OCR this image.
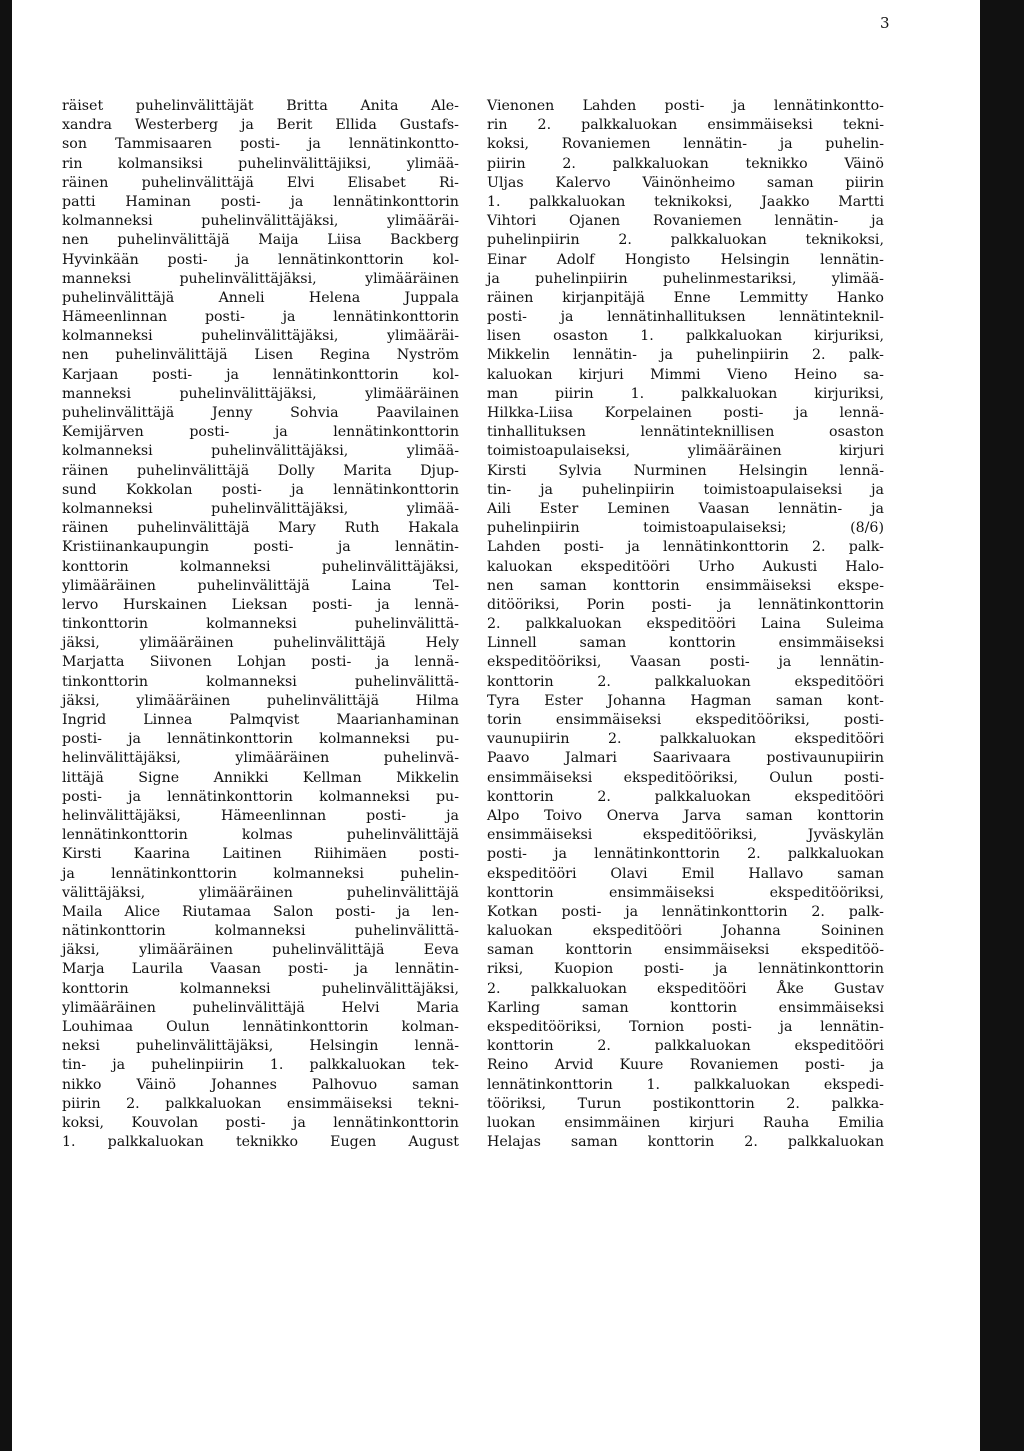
3
räiset puhelinvälittäjät Britta Anita Ale-
xandra Westerberg ja Berit Ellida Gustafs-
son Tammisaaren posti- ja lennätinkontto-
rin kolmansiksi puhelinvälittäjiksi, ylimää-
räinen puhelinvälittäjä Elvi Elisabet Ri-
patti Haminan posti- ja lennätinkonttorin
kolmanneksi	puhelinvälittäjäksi,	ylimääräi-
nen puhelinvälittäjä Maija Liisa Backberg
Hyvinkään posti- ja lennätinkonttorin kol-
manneksi	puhelinvälittäjäksi,	ylimääräinen
puhelinvälittäjä	Anneli	Helena	Juppala
Hämeenlinnan	posti-	ja	lennätinkonttorin
kolmanneksi	puhelinvälittäjäksi,	ylimääräi-
nen puhelinvälittäjä Lisen Regina Nyström
Karjaan posti- ja lennätinkonttorin kol-
manneksi	puhelinvälittäjäksi,	ylimääräinen
puhelinvälittäjä	Jenny	Sohvia	Paavilainen
Kemijärven	posti-	ja	lennätinkonttorin
kolmanneksi	puhelinvälittäjäksi,	ylimää-
räinen puhelinvälittäjä Dolly Marita Djup-
sund Kokkolan posti- ja lennätinkonttorin
kolmanneksi	puhelinvälittäjäksi,	ylimää-
räinen puhelinvälittäjä Mary Ruth Hakala
Kristiinankaupungin	posti-	ja	lennätin-
konttorin	kolmanneksi	puhelinvälittäjäksi,
ylimääräinen	puhelinvälittäjä	Laina	Tel-
lervo Hurskainen Lieksan posti- ja lennä-
tinkonttorin	kolmanneksi	puhelinvälittä-
jäksi,	ylimääräinen	puhelinvälittäjä	Hely
Marjatta Siivonen Lohjan posti- ja lennä-
tinkonttorin	kolmanneksi	puhelinvälittä-
jäksi,	ylimääräinen	puhelinvälittäjä	Hilma
Ingrid	Linnea	Palmqvist	Maarianhaminan
posti- ja lennätinkonttorin kolmanneksi pu-
helinvälittäjäksi,	ylimääräinen	puhelinvä-
littäjä Signe Annikki Kellman Mikkelin
posti- ja lennätinkonttorin kolmanneksi pu-
helinvälittäjäksi,	Hämeenlinnan	posti-	ja
lennätinkonttorin	kolmas	puhelinvälittäjä
Kirsti Kaarina Laitinen Riihimäen posti-
ja	lennätinkonttorin	kolmanneksi	puhelin-
välittäjäksi,	ylimääräinen	puhelinvälittäjä
Maila Alice Riutamaa Salon posti- ja len-
nätinkonttorin	kolmanneksi	puhelinvälittä-
jäksi,	ylimääräinen	puhelinvälittäjä	Eeva
Marja Laurila Vaasan posti- ja lennätin-
konttorin	kolmanneksi	puhelinvälittäjäksi,
ylimääräinen	puhelinvälittäjä	Helvi	Maria
Louhimaa Oulun lennätinkonttorin kolman-
neksi	puhelinvälittäjäksi,	Helsingin	lennä-
tin- ja puhelinpiirin 1. palkkaluokan tek-
nikko Väinö Johannes Palhovuo saman
piirin 2. palkkaluokan ensimmäiseksi tekni-
koksi, Kouvolan posti- ja lennätinkonttorin
1. palkkaluokan teknikko Eugen August
Vienonen Lahden posti- ja lennätinkontto-
rin 2. palkkaluokan ensimmäiseksi tekni-
koksi, Rovaniemen lennätin- ja puhelin-
piirin	2.	palkkaluokan	teknikko	Väinö
Uljas Kalervo Väinönheimo saman piirin
1. palkkaluokan teknikoksi, Jaakko Martti
Vihtori Ojanen Rovaniemen lennätin- ja
puhelinpiirin	2.	palkkaluokan	teknikoksi,
Einar Adolf Hongisto Helsingin lennätin-
ja puhelinpiirin puhelinmestariksi, ylimää-
räinen kirjanpitäjä Enne Lemmitty Hanko
posti- ja lennätinhallituksen lennätinteknil-
lisen osaston 1. palkkaluokan kirjuriksi,
Mikkelin lennätin- ja puhelinpiirin 2. palk-
kaluokan kirjuri Mimmi Vieno Heino sa-
man	piirin	1.	palkkaluokan	kirjuriksi,
Hilkka-Liisa Korpelainen posti- ja lennä-
tinhallituksen	lennätinteknillisen	osaston
toimistoapulaiseksi,	ylimääräinen	kirjuri
Kirsti Sylvia Nurminen Helsingin lennä-
tin- ja puhelinpiirin toimistoapulaiseksi ja
Aili Ester Leminen Vaasan lennätin- ja
puhelinpiirin	toimistoapulaiseksi;	(8/6)
Lahden posti- ja lennätinkonttorin 2. palk-
kaluokan ekspeditööri Urho Aukusti Halo-
nen saman konttorin ensimmäiseksi ekspe-
ditööriksi, Porin posti- ja lennätinkonttorin
2. palkkaluokan ekspeditööri Laina Suleima
Linnell	saman	konttorin	ensimmäiseksi
ekspeditööriksi, Vaasan posti- ja lennätin-
konttorin	2.	palkkaluokan	ekspeditööri
Tyra Ester Johanna Hagman saman kont-
torin ensimmäiseksi ekspeditööriksi, posti-
vaunupiirin	2.	palkkaluokan	ekspeditööri
Paavo	Jalmari	Saarivaara	postivaunupiirin
ensimmäiseksi ekspeditööriksi, Oulun posti-
konttorin	2.	palkkaluokan	ekspeditööri
Alpo Toivo Onerva Jarva saman konttorin
ensimmäiseksi	ekspeditööriksi,	Jyväskylän
posti- ja lennätinkonttorin 2. palkkaluokan
ekspeditööri Olavi Emil Hallavo saman
konttorin	ensimmäiseksi	ekspeditööriksi,
Kotkan posti- ja lennätinkonttorin 2. palk-
kaluokan	ekspeditööri	Johanna	Soininen
saman konttorin ensimmäiseksi ekspeditöö-
riksi, Kuopion posti- ja lennätinkonttorin
2. palkkaluokan ekspeditööri Åke Gustav
Karling	saman	konttorin	ensimmäiseksi
ekspeditööriksi, Tornion posti- ja lennätin-
konttorin	2.	palkkaluokan	ekspeditööri
Reino Arvid Kuure Rovaniemen posti- ja
lennätinkonttorin 1. palkkaluokan ekspedi-
tööriksi, Turun postikonttorin 2. palkka-
luokan ensimmäinen kirjuri Rauha Emilia
Helajas saman konttorin 2. palkkaluokan
